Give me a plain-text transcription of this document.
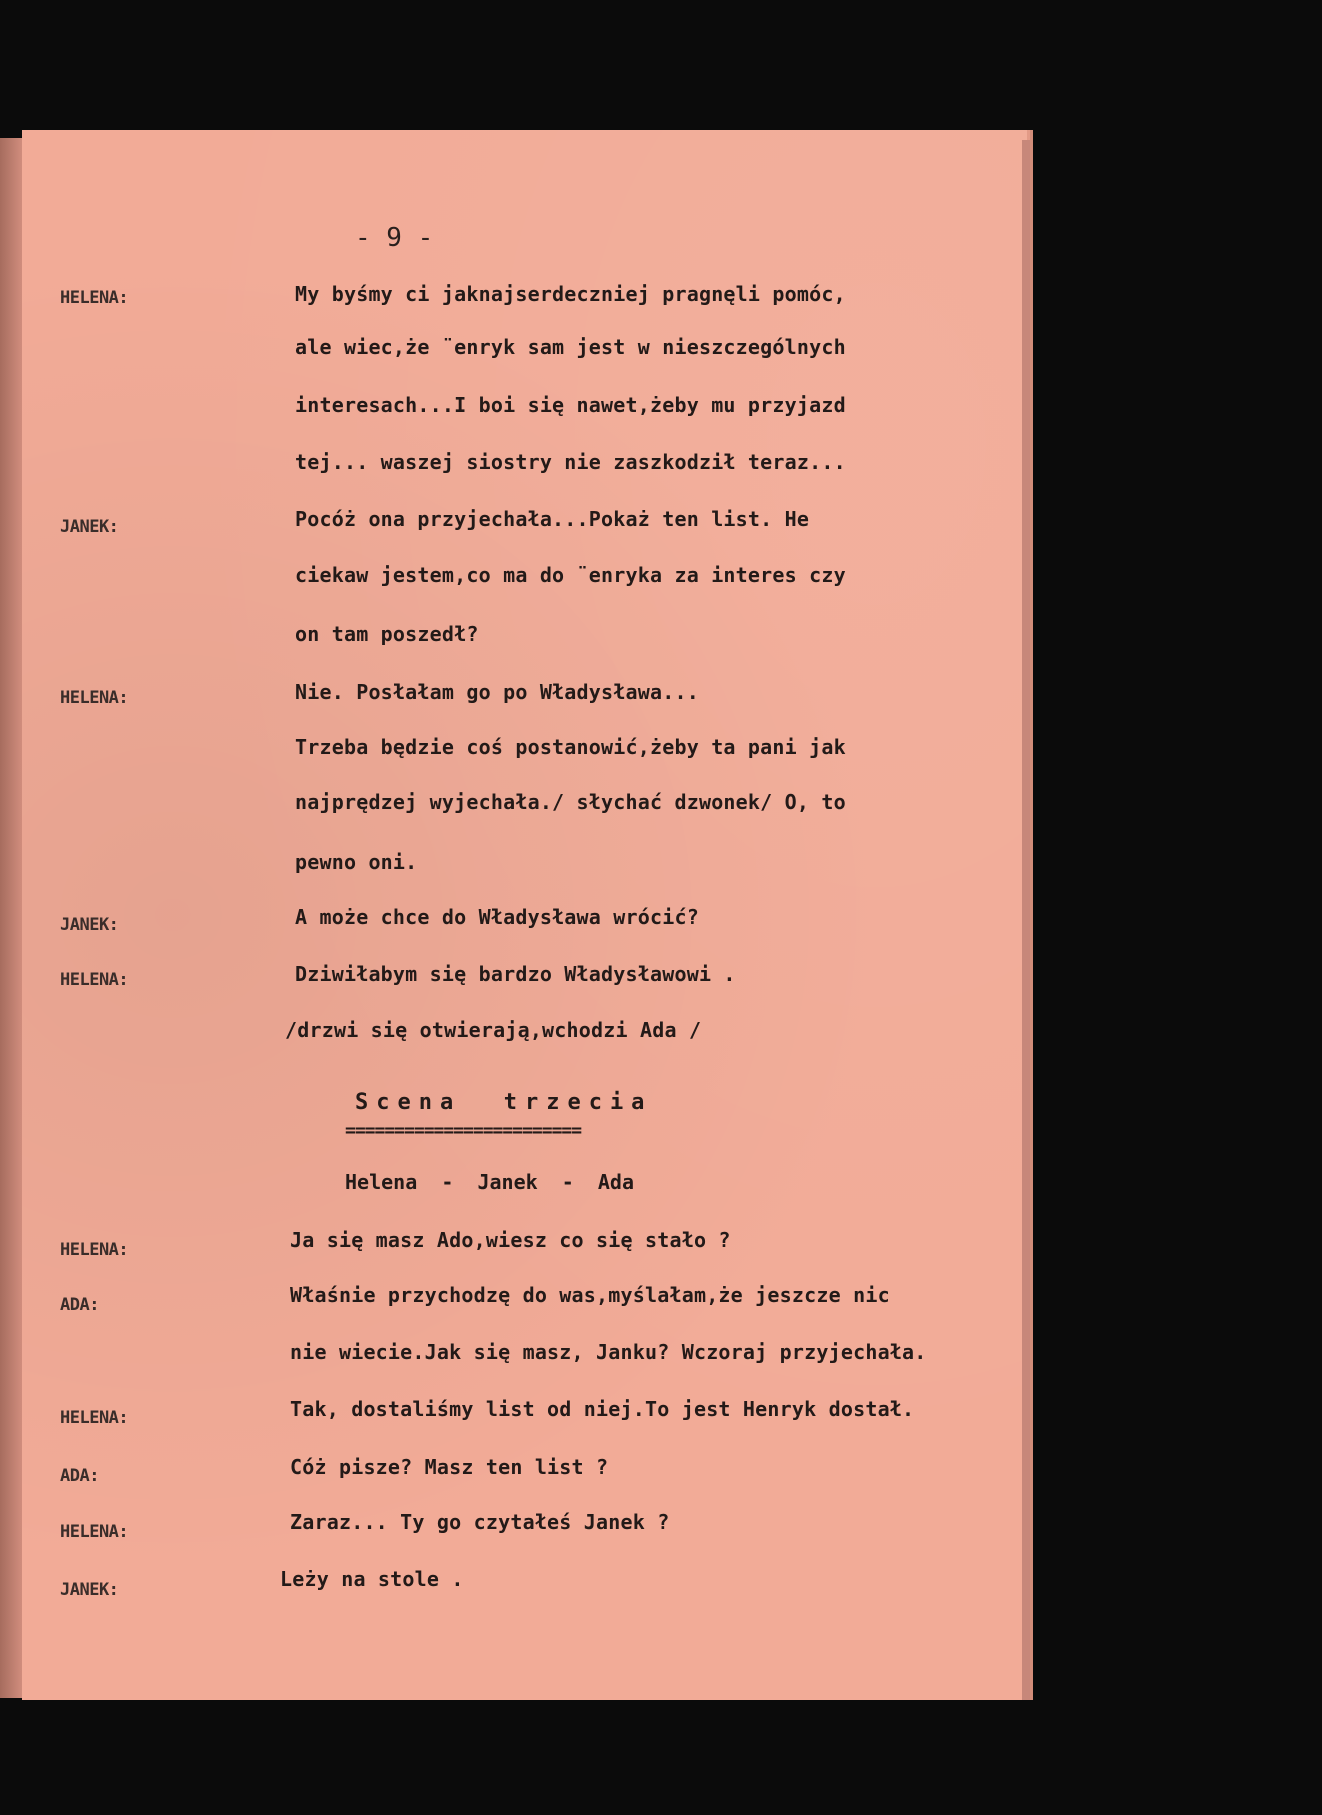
- 9 -
HELENA:	My byśmy ci jaknajserdeczniej pragnęli pomóc,
ale wiec,że ¨enryk sam jest w nieszczególnych
interesach...I boi się nawet,żeby mu przyjazd
tej... waszej siostry nie zaszkodził teraz...
JANEK:	Pocóż ona przyjechała...Pokaż ten list. He
ciekaw jestem,co ma do ¨enryka za interes czy
on tam poszedł?
HELENA:	Nie. Posłałam go po Władysława...
Trzeba będzie coś postanowić,żeby ta pani jak
najprędzej wyjechała./ słychać dzwonek/ O, to
pewno oni.
JANEK:	A może chce do Władysława wrócić?
HELENA:	Dziwiłabym się bardzo Władysławowi .
/drzwi się otwierają,wchodzi Ada /
Scena  trzecia
========================
Helena  -  Janek  -  Ada
HELENA:	Ja się masz Ado,wiesz co się stało ?
ADA:	Właśnie przychodzę do was,myślałam,że jeszcze nic
nie wiecie.Jak się masz, Janku? Wczoraj przyjechała.
HELENA:	Tak, dostaliśmy list od niej.To jest Henryk dostał.
ADA:	Cóż pisze? Masz ten list ?
HELENA:	Zaraz... Ty go czytałeś Janek ?
JANEK:	Leży na stole .
